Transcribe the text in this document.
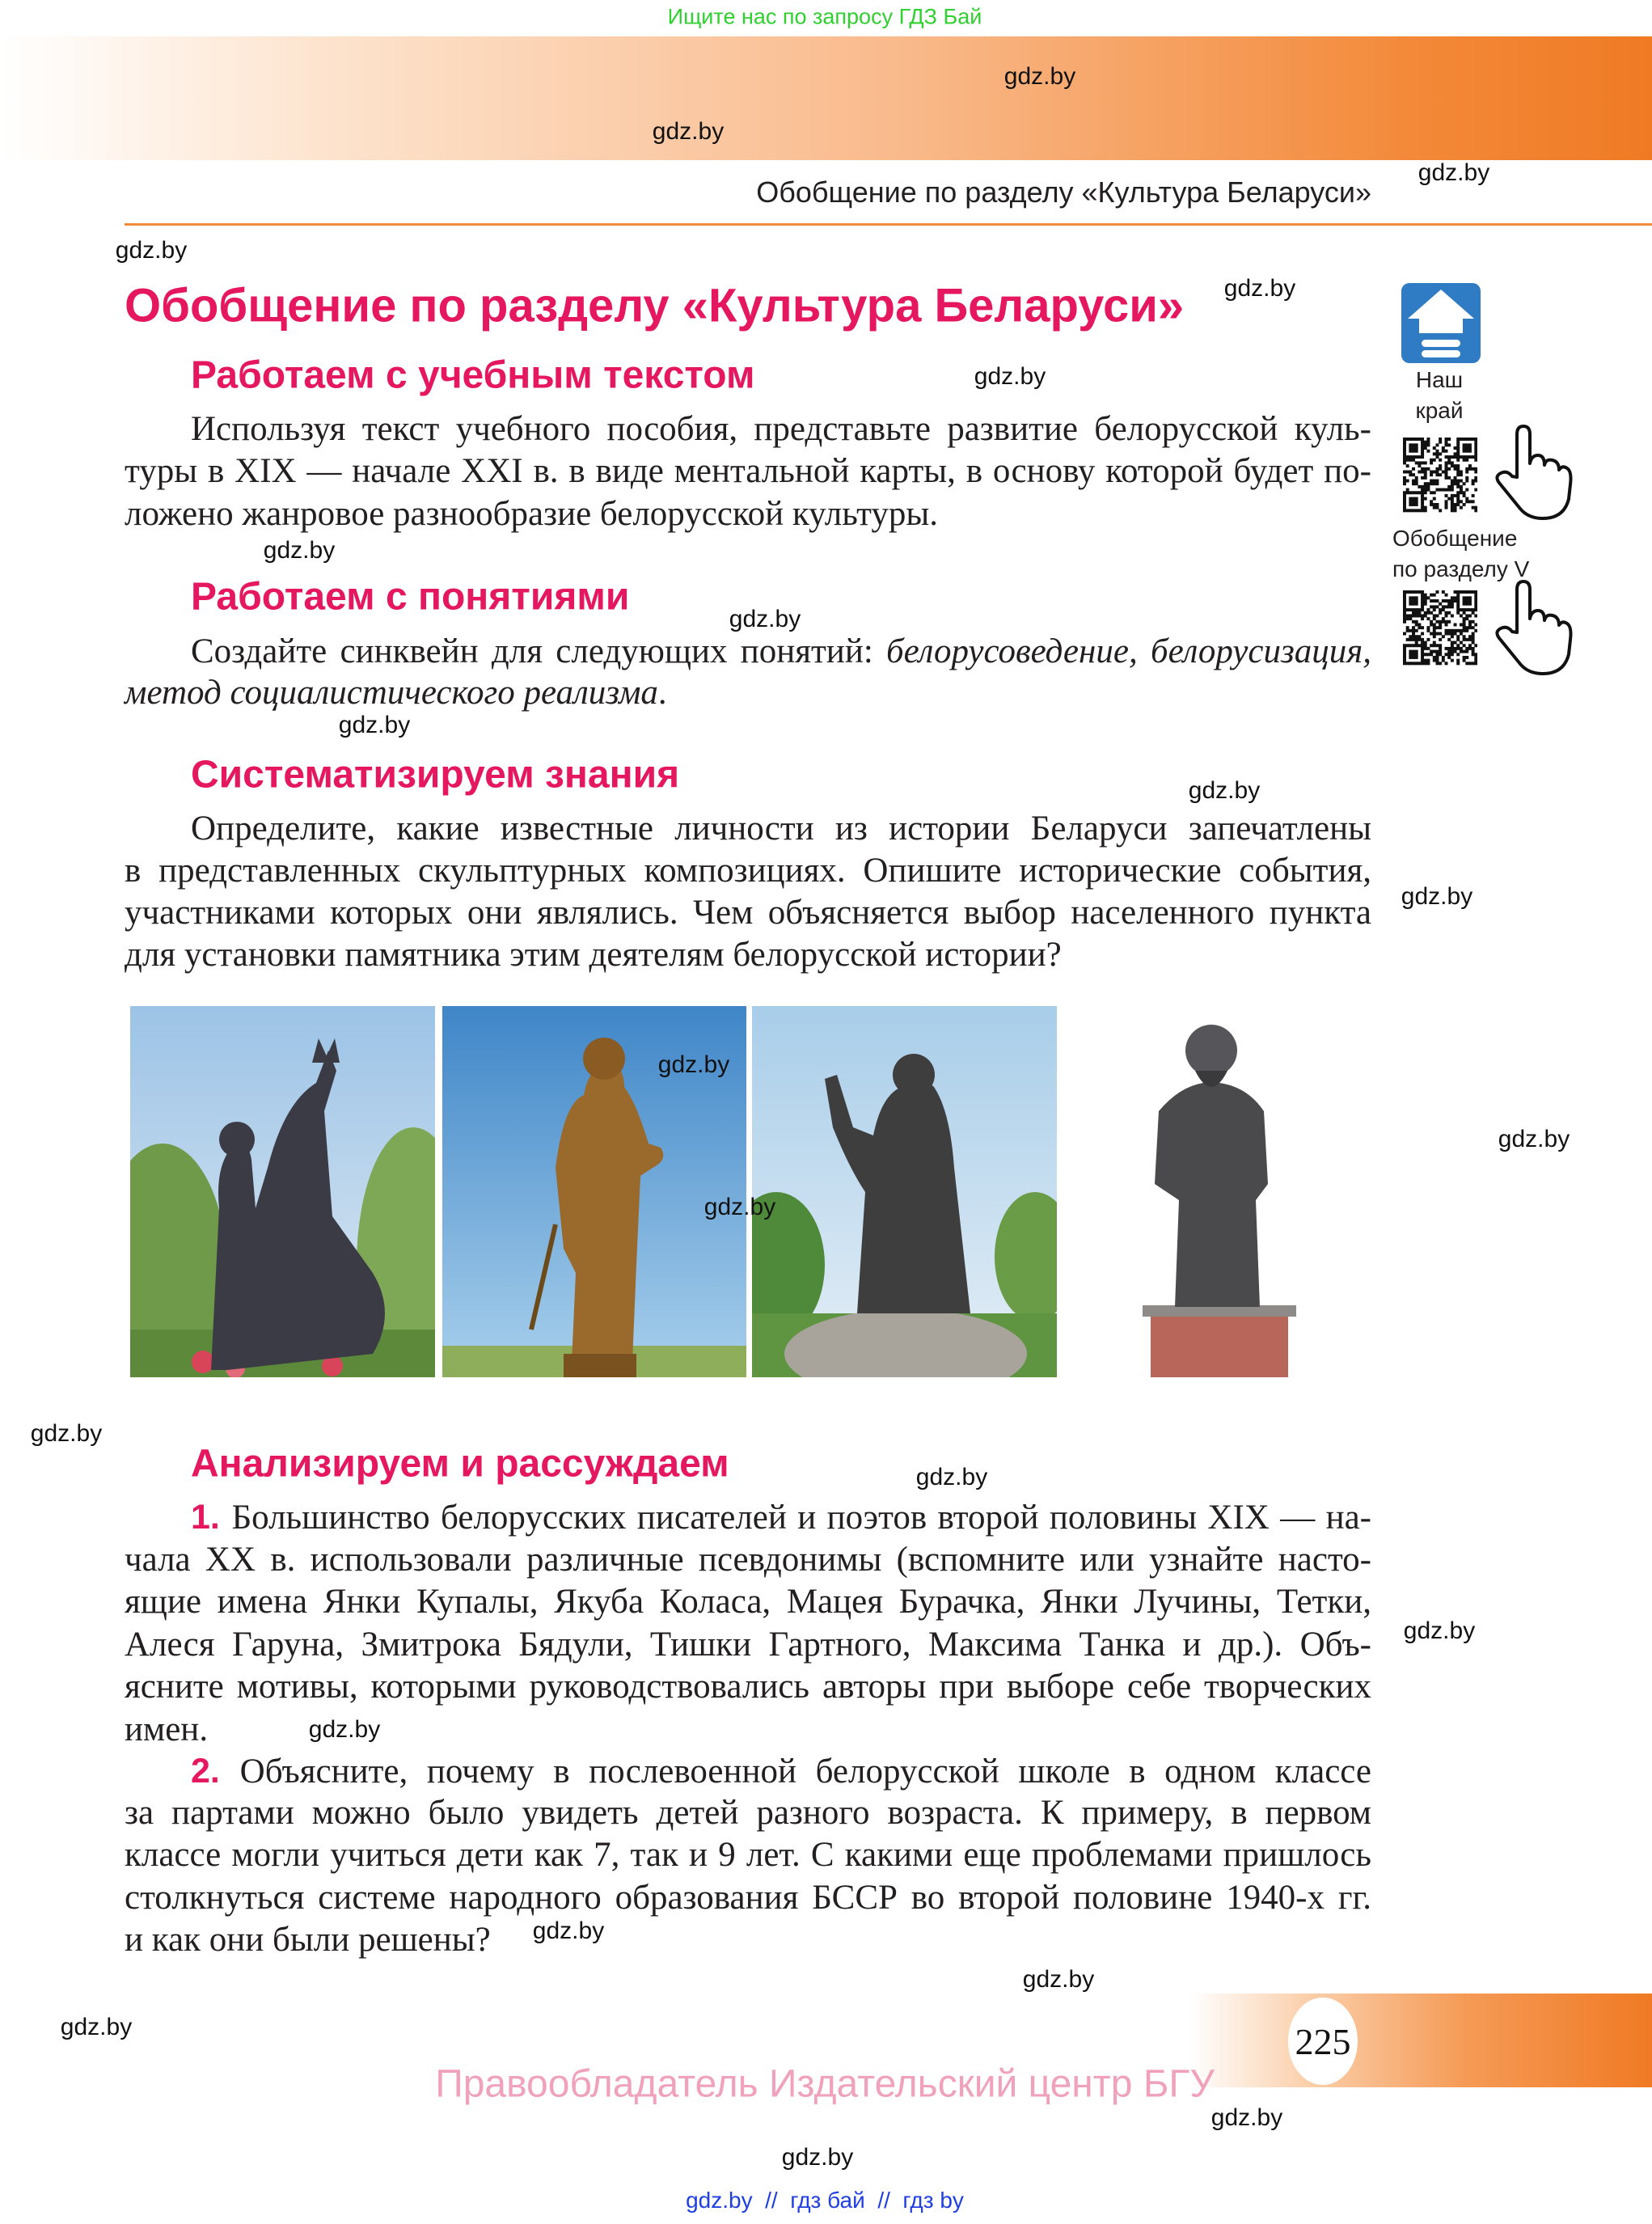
Ищите нас по запросу ГДЗ Бай
Обобщение по разделу «Культура Беларуси»
Обобщение по разделу «Культура Беларуси»
Работаем с учебным текстом
Работаем с понятиями
Систематизируем знания
Анализируем и рассуждаем
Используя текст учебного пособия, представьте развитие белорусской куль-
туры в XIX — начале XXI в. в виде ментальной карты, в основу которой будет по-
ложено жанровое разнообразие белорусской культуры.
Создайте синквейн для следующих понятий: белорусоведение, белорусизация,
метод социалистического реализма.
Определите, какие известные личности из истории Беларуси запечатлены
в представленных скульптурных композициях. Опишите исторические события,
участниками которых они являлись. Чем объясняется выбор населенного пункта
для установки памятника этим деятелям белорусской истории?
1. Большинство белорусских писателей и поэтов второй половины XIX — на-
чала XX в. использовали различные псевдонимы (вспомните или узнайте насто-
ящие имена Янки Купалы, Якуба Коласа, Мацея Бурачка, Янки Лучины, Тетки,
Алеся Гаруна, Змитрока Бядули, Тишки Гартного, Максима Танка и др.). Объ-
ясните мотивы, которыми руководствовались авторы при выборе себе творческих
имен.
2. Объясните, почему в послевоенной белорусской школе в одном классе
за партами можно было увидеть детей разного возраста. К примеру, в первом
классе могли учиться дети как 7, так и 9 лет. С какими еще проблемами пришлось
столкнуться системе народного образования БССР во второй половине 1940-х гг.
и как они были решены?
Наш
край
Обобщение
по разделу V
gdz.by
gdz.by
gdz.by
gdz.by
gdz.by
gdz.by
gdz.by
gdz.by
gdz.by
gdz.by
gdz.by
gdz.by
gdz.by
gdz.by
gdz.by
gdz.by
gdz.by
gdz.by
gdz.by
gdz.by
gdz.by
gdz.by
gdz.by
225
Правообладатель Издательский центр БГУ
gdz.by  //  гдз бай  //  гдз by
